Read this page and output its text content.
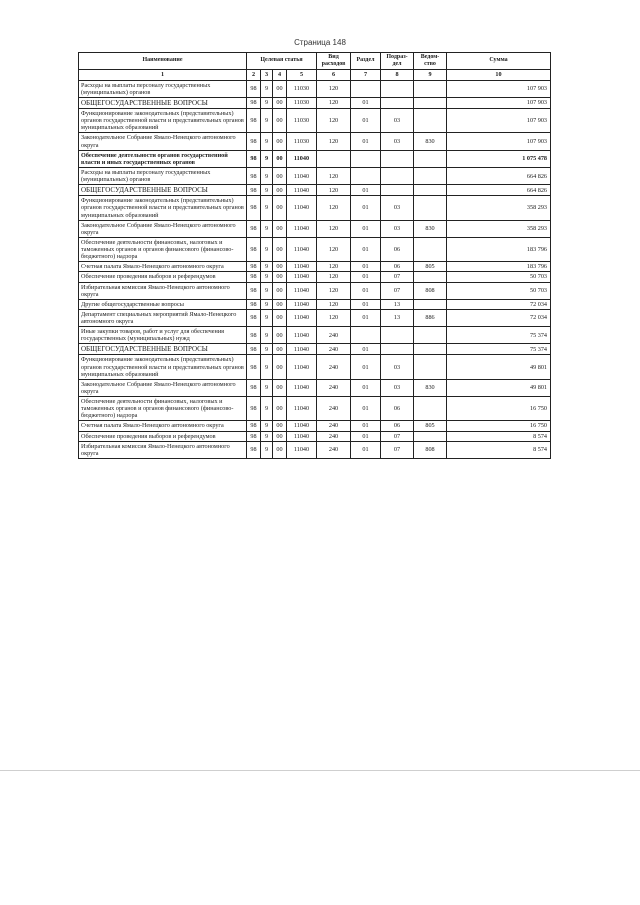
Страница 148
Наименование	Целевая статья				Вид расходов	Раздел	Подраз-дел	Ведом-ство	Сумма
1	2	3	4	5	6	7	8	9	10
Расходы на выплаты персоналу государственных (муниципальных) органов	98	9	00	11030	120				107 903
ОБЩЕГОСУДАРСТВЕННЫЕ ВОПРОСЫ	98	9	00	11030	120	01			107 903
Функционирование законодательных (представительных) органов государственной власти и представительных органов муниципальных образований	98	9	00	11030	120	01	03		107 903
Законодательное Собрание Ямало-Ненецкого автономного округа	98	9	00	11030	120	01	03	830	107 903
Обеспечение деятельности органов государственной власти и иных государственных органов	98	9	00	11040					1 075 478
Расходы на выплаты персоналу государственных (муниципальных) органов	98	9	00	11040	120				664 826
ОБЩЕГОСУДАРСТВЕННЫЕ ВОПРОСЫ	98	9	00	11040	120	01			664 826
Функционирование законодательных (представительных) органов государственной власти и представительных органов муниципальных образований	98	9	00	11040	120	01	03		358 293
Законодательное Собрание Ямало-Ненецкого автономного округа	98	9	00	11040	120	01	03	830	358 293
Обеспечение деятельности финансовых, налоговых и таможенных органов и органов финансового (финансово-бюджетного) надзора	98	9	00	11040	120	01	06		183 796
Счетная палата Ямало-Ненецкого автономного округа	98	9	00	11040	120	01	06	805	183 796
Обеспечение проведения выборов и референдумов	98	9	00	11040	120	01	07		50 703
Избирательная комиссия Ямало-Ненецкого автономного округа	98	9	00	11040	120	01	07	808	50 703
Другие общегосударственные вопросы	98	9	00	11040	120	01	13		72 034
Департамент специальных мероприятий Ямало-Ненецкого автономного округа	98	9	00	11040	120	01	13	886	72 034
Иные закупки товаров, работ и услуг для обеспечения государственных (муниципальных) нужд	98	9	00	11040	240				75 374
ОБЩЕГОСУДАРСТВЕННЫЕ ВОПРОСЫ	98	9	00	11040	240	01			75 374
Функционирование законодательных (представительных) органов государственной власти и представительных органов муниципальных образований	98	9	00	11040	240	01	03		49 801
Законодательное Собрание Ямало-Ненецкого автономного округа	98	9	00	11040	240	01	03	830	49 801
Обеспечение деятельности финансовых, налоговых и таможенных органов и органов финансового (финансово-бюджетного) надзора	98	9	00	11040	240	01	06		16 750
Счетная палата Ямало-Ненецкого автономного округа	98	9	00	11040	240	01	06	805	16 750
Обеспечение проведения выборов и референдумов	98	9	00	11040	240	01	07		8 574
Избирательная комиссия Ямало-Ненецкого автономного округа	98	9	00	11040	240	01	07	808	8 574
